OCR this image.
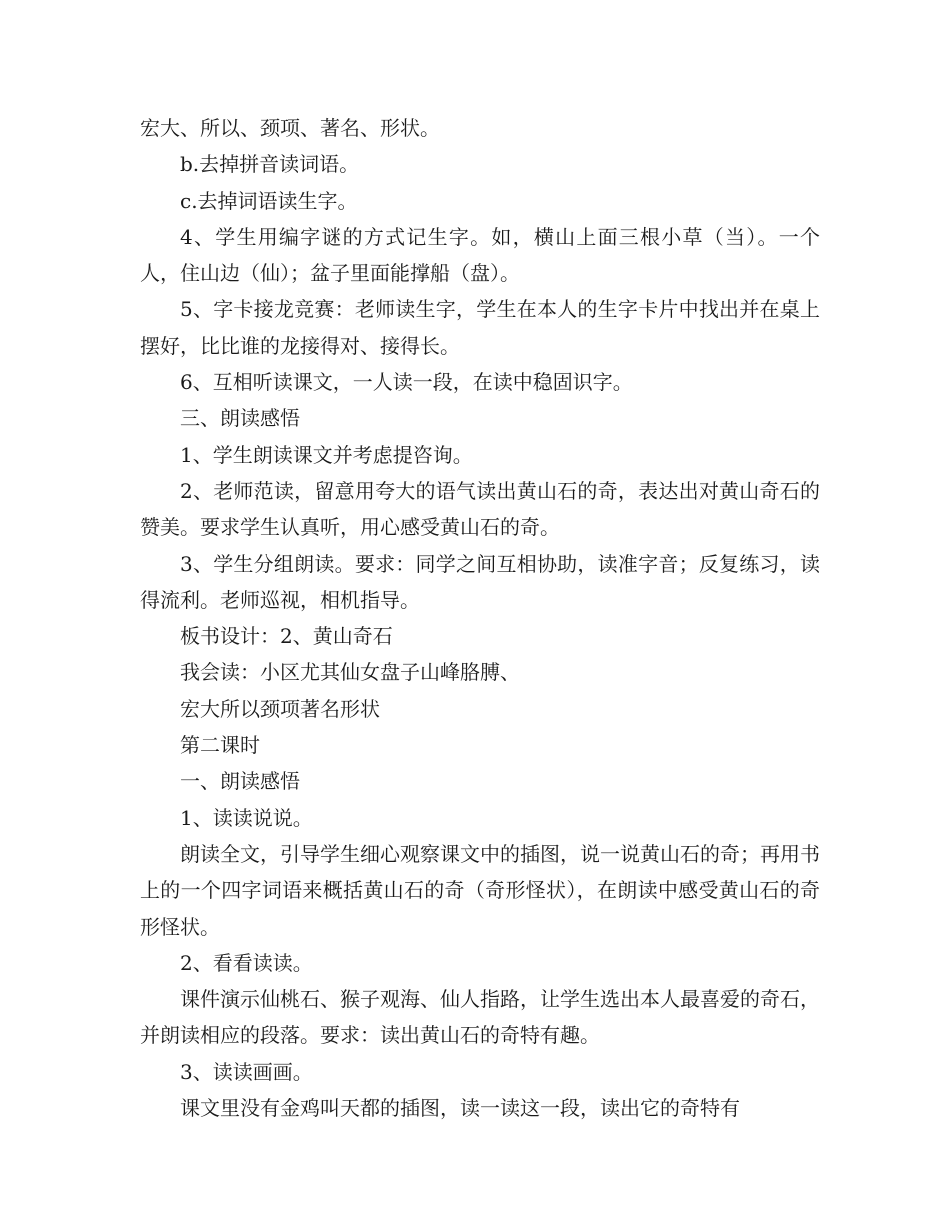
宏大、所以、颈项、著名、形状。

b.去掉拼音读词语。

c.去掉词语读生字。

4、学生用编字谜的方式记生字。如，横山上面三根小草（当）。一个人，住山边（仙）；盆子里面能撑船（盘）。

5、字卡接龙竞赛：老师读生字，学生在本人的生字卡片中找出并在桌上摆好，比比谁的龙接得对、接得长。

6、互相听读课文，一人读一段，在读中稳固识字。

三、朗读感悟

1、学生朗读课文并考虑提咨询。

2、老师范读，留意用夸大的语气读出黄山石的奇，表达出对黄山奇石的赞美。要求学生认真听，用心感受黄山石的奇。

3、学生分组朗读。要求：同学之间互相协助，读准字音；反复练习，读得流利。老师巡视，相机指导。

板书设计：2、黄山奇石

我会读：小区尤其仙女盘子山峰胳膊、

宏大所以颈项著名形状

第二课时

一、朗读感悟

1、读读说说。

朗读全文，引导学生细心观察课文中的插图，说一说黄山石的奇；再用书上的一个四字词语来概括黄山石的奇（奇形怪状），在朗读中感受黄山石的奇形怪状。

2、看看读读。

课件演示仙桃石、猴子观海、仙人指路，让学生选出本人最喜爱的奇石，并朗读相应的段落。要求：读出黄山石的奇特有趣。

3、读读画画。

课文里没有金鸡叫天都的插图，读一读这一段，读出它的奇特有
